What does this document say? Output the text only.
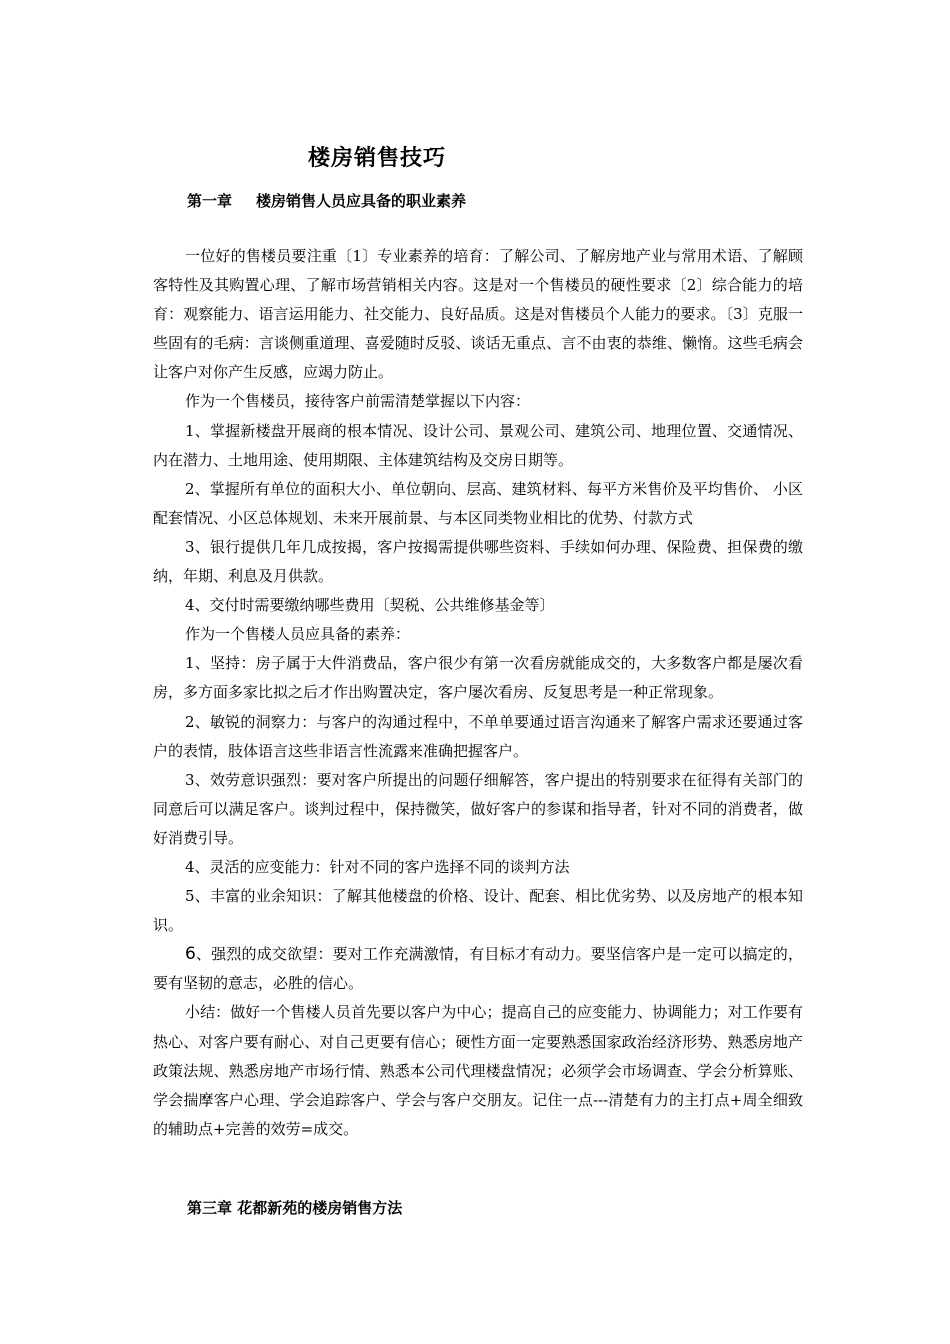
楼房销售技巧
第一章 楼房销售人员应具备的职业素养

一位好的售楼员要注重〔1〕专业素养的培育：了解公司、了解房地产业与常用术语、了解顾客特性及其购置心理、了解市场营销相关内容。这是对一个售楼员的硬性要求〔2〕综合能力的培育：观察能力、语言运用能力、社交能力、良好品质。这是对售楼员个人能力的要求。〔3〕克服一些固有的毛病：言谈侧重道理、喜爱随时反驳、谈话无重点、言不由衷的恭维、懒惰。这些毛病会让客户对你产生反感，应竭力防止。

作为一个售楼员，接待客户前需清楚掌握以下内容：

1、掌握新楼盘开展商的根本情况、设计公司、景观公司、建筑公司、地理位置、交通情况、内在潜力、土地用途、使用期限、主体建筑结构及交房日期等。

2、掌握所有单位的面积大小、单位朝向、层高、建筑材料、每平方米售价及平均售价、 小区配套情况、小区总体规划、未来开展前景、与本区同类物业相比的优势、付款方式

3、银行提供几年几成按揭，客户按揭需提供哪些资料、手续如何办理、保险费、担保费的缴纳，年期、利息及月供款。

4、交付时需要缴纳哪些费用〔契税、公共维修基金等〕

作为一个售楼人员应具备的素养：

1、坚持：房子属于大件消费品，客户很少有第一次看房就能成交的，大多数客户都是屡次看房，多方面多家比拟之后才作出购置决定，客户屡次看房、反复思考是一种正常现象。

2、敏锐的洞察力：与客户的沟通过程中，不单单要通过语言沟通来了解客户需求还要通过客户的表情，肢体语言这些非语言性流露来准确把握客户。

3、效劳意识强烈：要对客户所提出的问题仔细解答，客户提出的特别要求在征得有关部门的同意后可以满足客户。谈判过程中，保持微笑，做好客户的参谋和指导者，针对不同的消费者，做好消费引导。

4、灵活的应变能力：针对不同的客户选择不同的谈判方法

5、丰富的业余知识：了解其他楼盘的价格、设计、配套、相比优劣势、以及房地产的根本知识。

6、强烈的成交欲望：要对工作充满激情，有目标才有动力。要坚信客户是一定可以搞定的，要有坚韧的意志，必胜的信心。

小结：做好一个售楼人员首先要以客户为中心；提高自己的应变能力、协调能力；对工作要有热心、对客户要有耐心、对自己更要有信心；硬性方面一定要熟悉国家政治经济形势、熟悉房地产政策法规、熟悉房地产市场行情、熟悉本公司代理楼盘情况；必须学会市场调查、学会分析算账、学会揣摩客户心理、学会追踪客户、学会与客户交朋友。记住一点---清楚有力的主打点+周全细致的辅助点+完善的效劳=成交。

第三章 花都新苑的楼房销售方法
